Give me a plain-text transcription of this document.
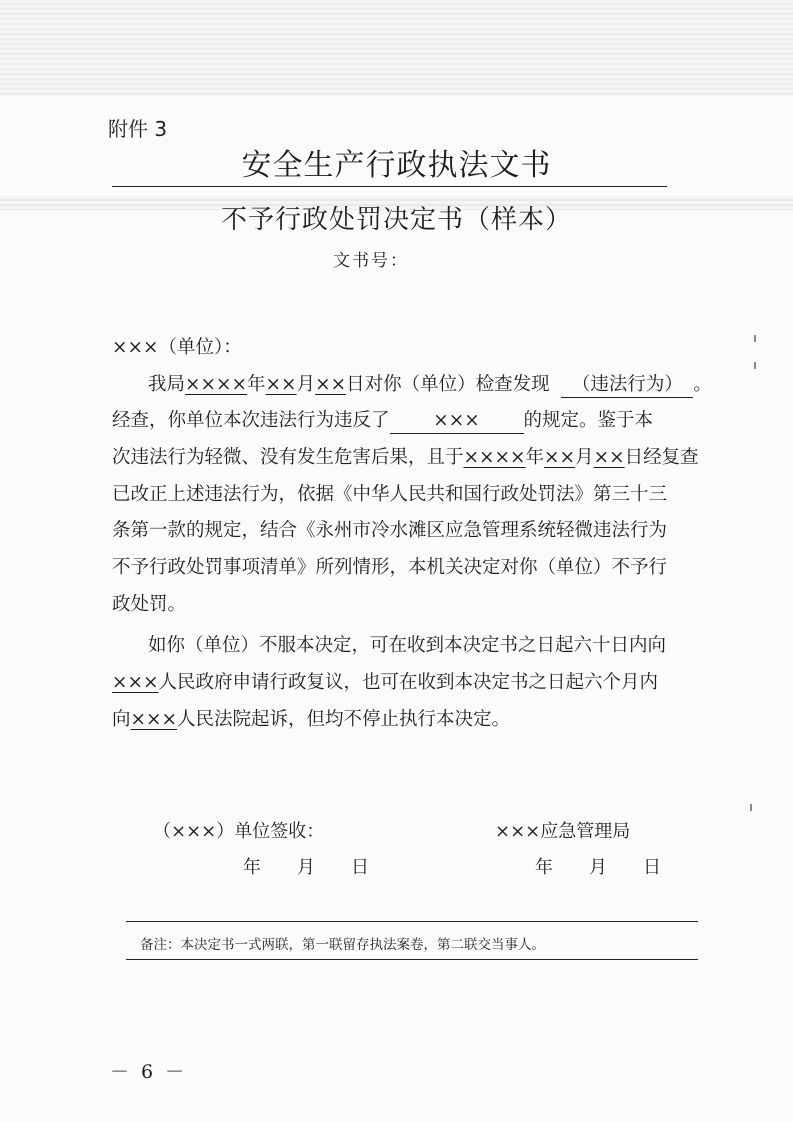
附件 3
安全生产行政执法文书
不予行政处罚决定书（样本）
文书号：
×××（单位）：
我局××××年××月××日对你（单位）检查发现 （违法行为） 。
经查，你单位本次违法行为违反了 ××× 的规定。鉴于本
次违法行为轻微、没有发生危害后果，且于××××年××月××日经复查
已改正上述违法行为，依据《中华人民共和国行政处罚法》第三十三
条第一款的规定，结合《永州市冷水滩区应急管理系统轻微违法行为
不予行政处罚事项清单》所列情形，本机关决定对你（单位）不予行
政处罚。
如你（单位）不服本决定，可在收到本决定书之日起六十日内向
×××人民政府申请行政复议，也可在收到本决定书之日起六个月内
向×××人民法院起诉，但均不停止执行本决定。
（×××）单位签收：	×××应急管理局
年　　月　　日	年　　月　　日
备注：本决定书一式两联，第一联留存执法案卷，第二联交当事人。
－ 6 －
